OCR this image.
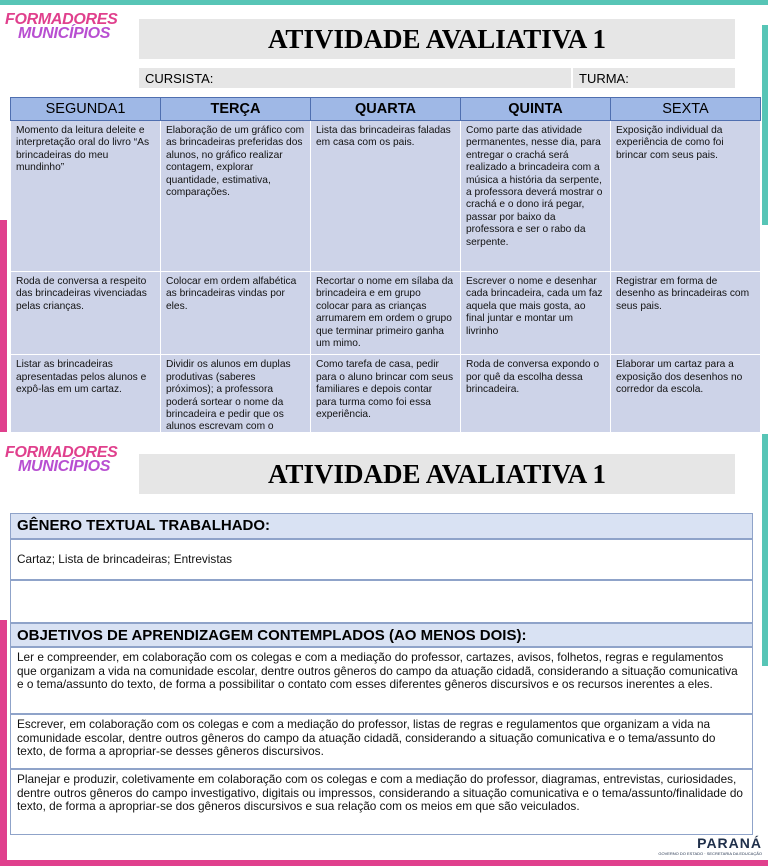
FORMADORES
MUNICÍPIOS	ATIVIDADE AVALIATIVA 1
CURSISTA:	TURMA:
SEGUNDA1	TERÇA	QUARTA	QUINTA	SEXTA
Momento da leitura deleite e interpretação oral do livro “As brincadeiras do meu mundinho”	Elaboração de um gráfico com as brincadeiras preferidas dos alunos, no gráfico realizar contagem, explorar quantidade, estimativa, comparações.	Lista das brincadeiras faladas em casa com os pais.	Como parte das atividade permanentes, nesse dia, para entregar o crachá será realizado a brincadeira com a música a história da serpente, a professora deverá mostrar o crachá e o dono irá pegar, passar por baixo da professora e ser o rabo da serpente.	Exposição individual da experiência de como foi brincar com seus pais.
Roda de conversa a respeito das brincadeiras vivenciadas pelas crianças.	Colocar em ordem alfabética as brincadeiras vindas por eles.	Recortar o nome em sílaba da brincadeira e em grupo colocar para as crianças arrumarem em ordem o grupo que terminar primeiro ganha um mimo.	Escrever o nome e desenhar cada brincadeira, cada um faz aquela que mais gosta, ao final juntar e montar um livrinho	Registrar em forma de desenho as brincadeiras com seus pais.
Listar as brincadeiras apresentadas pelos alunos e expô-las em um cartaz.	Dividir os alunos em duplas produtivas (saberes próximos); a professora poderá sortear o nome da brincadeira e pedir que os alunos escrevam com o	Como tarefa de casa, pedir para o aluno brincar com seus familiares e depois contar para turma como foi essa experiência.	Roda de conversa expondo o por quê da escolha dessa brincadeira.	Elaborar um cartaz para a exposição dos desenhos no corredor da escola.
FORMADORES
MUNICÍPIOS	ATIVIDADE AVALIATIVA 1
GÊNERO TEXTUAL TRABALHADO:
Cartaz; Lista de brincadeiras; Entrevistas
OBJETIVOS DE APRENDIZAGEM CONTEMPLADOS (AO MENOS DOIS):
Ler e compreender, em colaboração com os colegas e com a mediação do professor, cartazes, avisos, folhetos, regras e regulamentos que organizam a vida na comunidade escolar, dentre outros gêneros do campo da atuação cidadã, considerando a situação comunicativa e o tema/assunto do texto, de forma a possibilitar o contato com esses diferentes gêneros discursivos e os recursos inerentes a eles.
Escrever, em colaboração com os colegas e com a mediação do professor, listas de regras e regulamentos que organizam a vida na comunidade escolar, dentre outros gêneros do campo da atuação cidadã, considerando a situação comunicativa e o tema/assunto do texto, de forma a apropriar-se desses gêneros discursivos.
Planejar e produzir, coletivamente em colaboração com os colegas e com a mediação do professor, diagramas, entrevistas, curiosidades, dentre outros gêneros do campo investigativo, digitais ou impressos, considerando a situação comunicativa e o tema/assunto/finalidade do texto, de forma a apropriar-se dos gêneros discursivos e sua relação com os meios em que são veiculados.
PARANÁ
GOVERNO DO ESTADO · SECRETARIA DA EDUCAÇÃO
